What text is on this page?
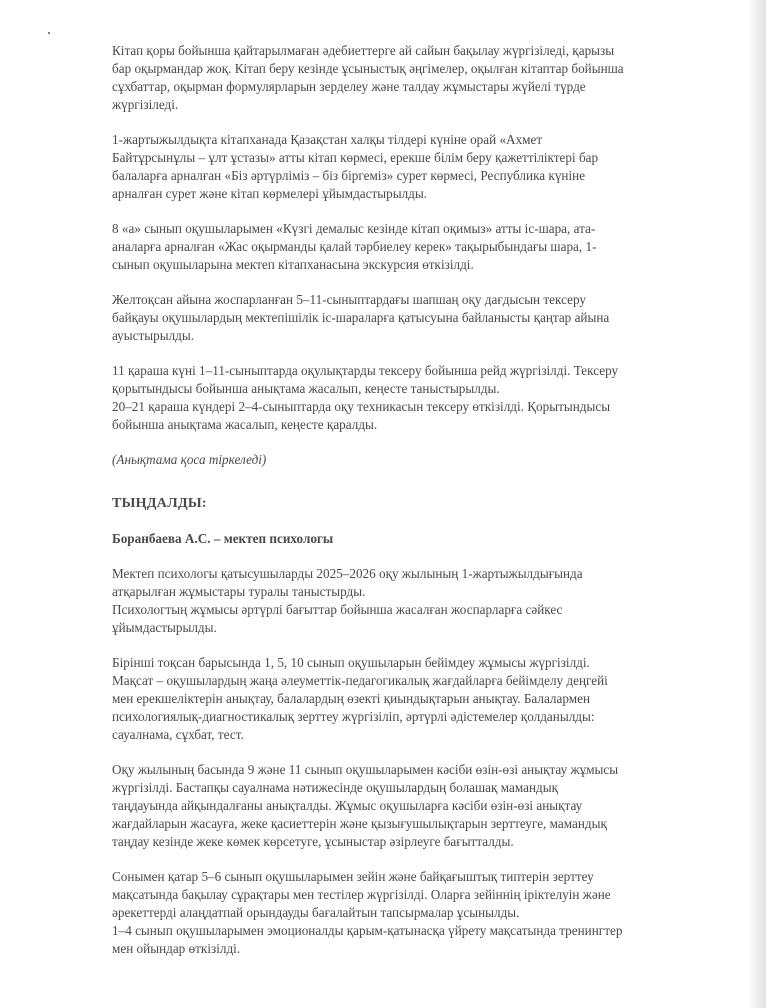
Кітап қоры бойынша қайтарылмаған әдебиеттерге ай сайын бақылау жүргізіледі, қарызы
бар оқырмандар жоқ. Кітап беру кезінде ұсыныстық әңгімелер, оқылған кітаптар бойынша
сұхбаттар, оқырман формулярларын зерделеу және талдау жұмыстары жүйелі түрде
жүргізіледі.

1-жартыжылдықта кітапханада Қазақстан халқы тілдері күніне орай «Ахмет
Байтұрсынұлы – ұлт ұстазы» атты кітап көрмесі, ерекше білім беру қажеттіліктері бар
балаларға арналған «Біз әртүрліміз – біз біргеміз» сурет көрмесі, Республика күніне
арналған сурет және кітап көрмелері ұйымдастырылды.

8 «а» сынып оқушыларымен «Күзгі демалыс кезінде кітап оқимыз» атты іс-шара, ата-
аналарға арналған «Жас оқырманды қалай тәрбиелеу керек» тақырыбындағы шара, 1-
сынып оқушыларына мектеп кітапханасына экскурсия өткізілді.

Желтоқсан айына жоспарланған 5–11-сыныптардағы шапшаң оқу дағдысын тексеру
байқауы оқушылардың мектепішілік іс-шараларға қатысуына байланысты қаңтар айына
ауыстырылды.

11 қараша күні 1–11-сыныптарда оқулықтарды тексеру бойынша рейд жүргізілді. Тексеру
қорытындысы бойынша анықтама жасалып, кеңесте таныстырылды.
20–21 қараша күндері 2–4-сыныптарда оқу техникасын тексеру өткізілді. Қорытындысы
бойынша анықтама жасалып, кеңесте қаралды.

(Анықтама қоса тіркеледі)

ТЫҢДАЛДЫ:

Боранбаева А.С. – мектеп психологы

Мектеп психологы қатысушыларды 2025–2026 оқу жылының 1-жартыжылдығында
атқарылған жұмыстары туралы таныстырды.
Психологтың жұмысы әртүрлі бағыттар бойынша жасалған жоспарларға сәйкес
ұйымдастырылды.

Бірінші тоқсан барысында 1, 5, 10 сынып оқушыларын бейімдеу жұмысы жүргізілді.
Мақсат – оқушылардың жаңа әлеуметтік-педагогикалық жағдайларға бейімделу деңгейі
мен ерекшеліктерін анықтау, балалардың өзекті қиындықтарын анықтау. Балалармен
психологиялық-диагностикалық зерттеу жүргізіліп, әртүрлі әдістемелер қолданылды:
сауалнама, сұхбат, тест.

Оқу жылының басында 9 және 11 сынып оқушыларымен кәсіби өзін-өзі анықтау жұмысы
жүргізілді. Бастапқы сауалнама нәтижесінде оқушылардың болашақ мамандық
таңдауында айқындалғаны анықталды. Жұмыс оқушыларға кәсіби өзін-өзі анықтау
жағдайларын жасауға, жеке қасиеттерін және қызығушылықтарын зерттеуге, мамандық
таңдау кезінде жеке көмек көрсетуге, ұсыныстар әзірлеуге бағытталды.

Сонымен қатар 5–6 сынып оқушыларымен зейін және байқағыштық типтерін зерттеу
мақсатында бақылау сұрақтары мен тестілер жүргізілді. Оларға зейіннің іріктелуін және
әрекеттерді алаңдатпай орындауды бағалайтын тапсырмалар ұсынылды.
1–4 сынып оқушыларымен эмоционалды қарым-қатынасқа үйрету мақсатында тренингтер
мен ойындар өткізілді.
